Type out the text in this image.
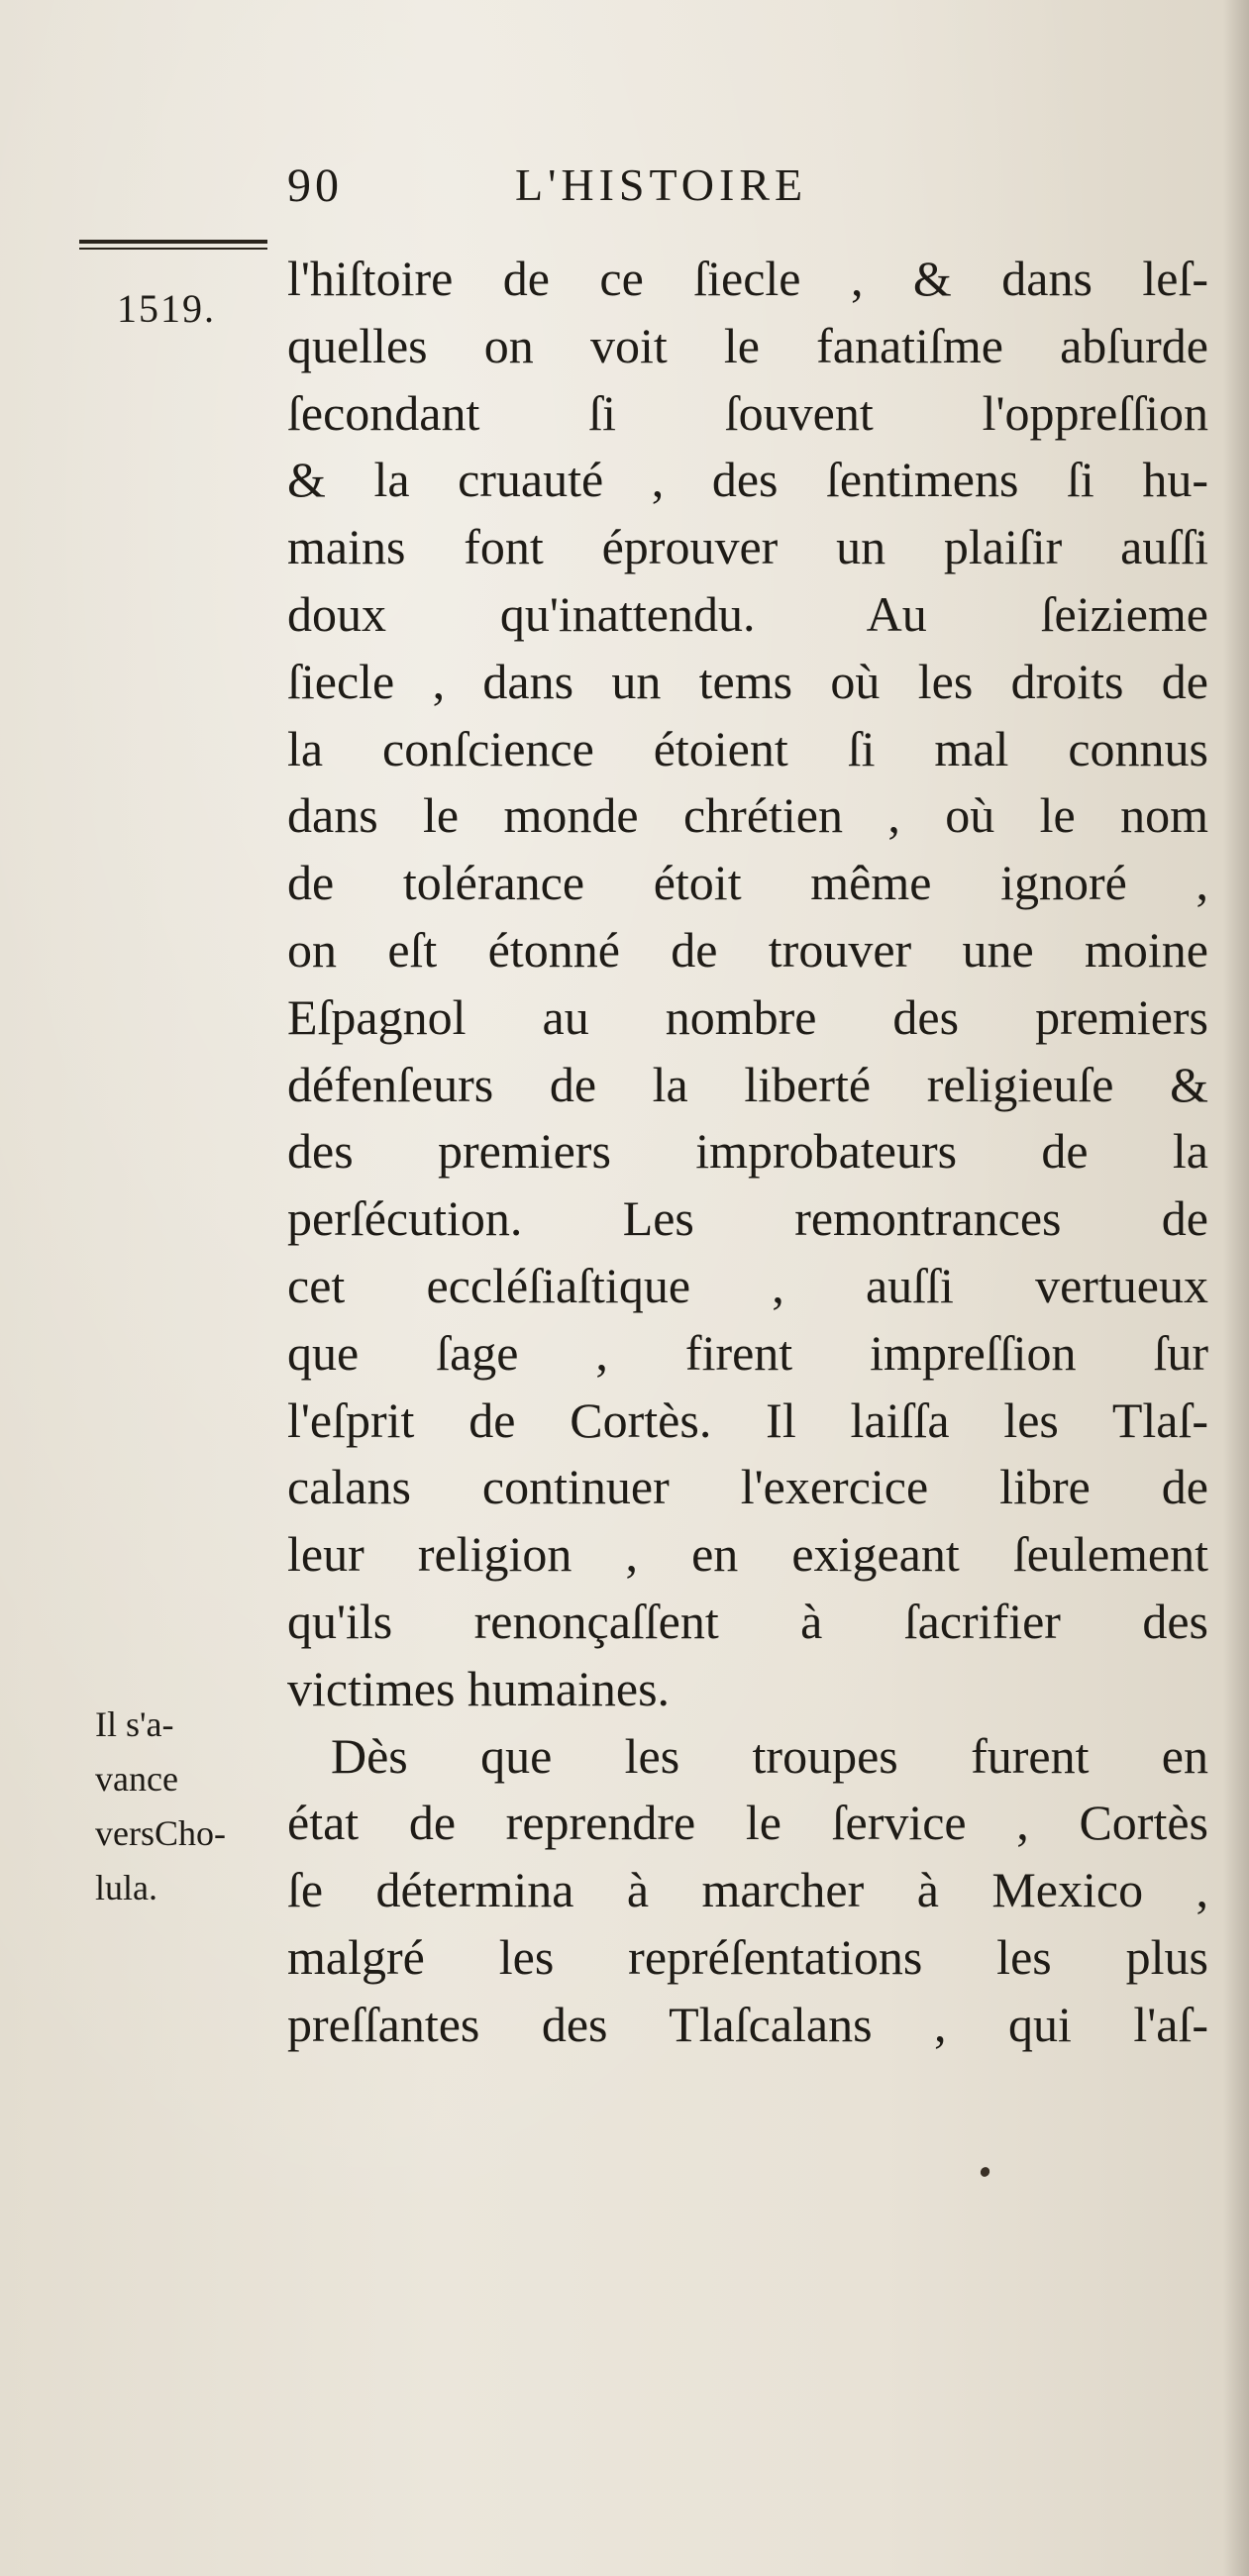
90	L'HISTOIRE
1519.
Il s'a-
vance
versCho-
lula.
l'hiſtoire de ce ſiecle , & dans leſ-
quelles on voit le fanatiſme abſurde
ſecondant ſi ſouvent l'oppreſſion
& la cruauté , des ſentimens ſi hu-
mains font éprouver un plaiſir auſſi
doux qu'inattendu. Au ſeizieme
ſiecle , dans un tems où les droits de
la conſcience étoient ſi mal connus
dans le monde chrétien , où le nom
de tolérance étoit même ignoré ,
on eſt étonné de trouver une moine
Eſpagnol au nombre des premiers
défenſeurs de la liberté religieuſe &
des premiers improbateurs de la
perſécution. Les remontrances de
cet eccléſiaſtique , auſſi vertueux
que ſage , firent impreſſion ſur
l'eſprit de Cortès. Il laiſſa les Tlaſ-
calans continuer l'exercice libre de
leur religion , en exigeant ſeulement
qu'ils renonçaſſent à ſacrifier des
victimes humaines.
Dès que les troupes furent en
état de reprendre le ſervice , Cortès
ſe détermina à marcher à Mexico ,
malgré les repréſentations les plus
preſſantes des Tlaſcalans , qui l'aſ-
